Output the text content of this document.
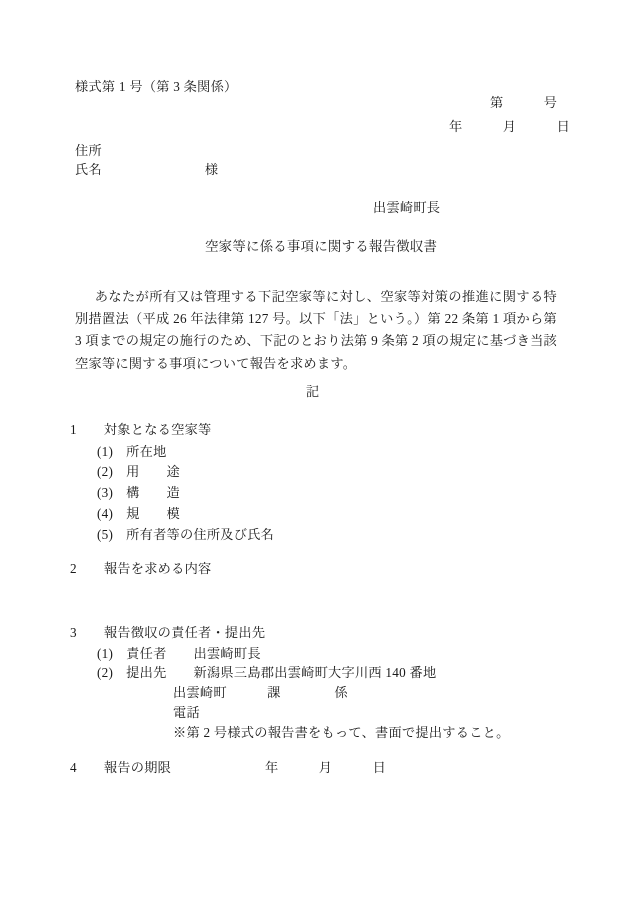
様式第 1 号（第 3 条関係）
第　　　号
年　　　月　　　日
住所
氏名	様
出雲崎町長
空家等に係る事項に関する報告徴収書
あなたが所有又は管理する下記空家等に対し、空家等対策の推進に関する特別措置法（平成 26 年法律第 127 号。以下「法」という。）第 22 条第 1 項から第 3 項までの規定の施行のため、下記のとおり法第 9 条第 2 項の規定に基づき当該空家等に関する事項について報告を求めます。
記
1 対象となる空家等
(1) 所在地
(2) 用　　途
(3) 構　　造
(4) 規　　模
(5) 所有者等の住所及び氏名
2 報告を求める内容
3 報告徴収の責任者・提出先
(1) 責任者 出雲崎町長
(2) 提出先 新潟県三島郡出雲崎町大字川西 140 番地
出雲崎町　　　課　　　　係
電話
※第 2 号様式の報告書をもって、書面で提出すること。
4 報告の期限	年　　　月　　　日
